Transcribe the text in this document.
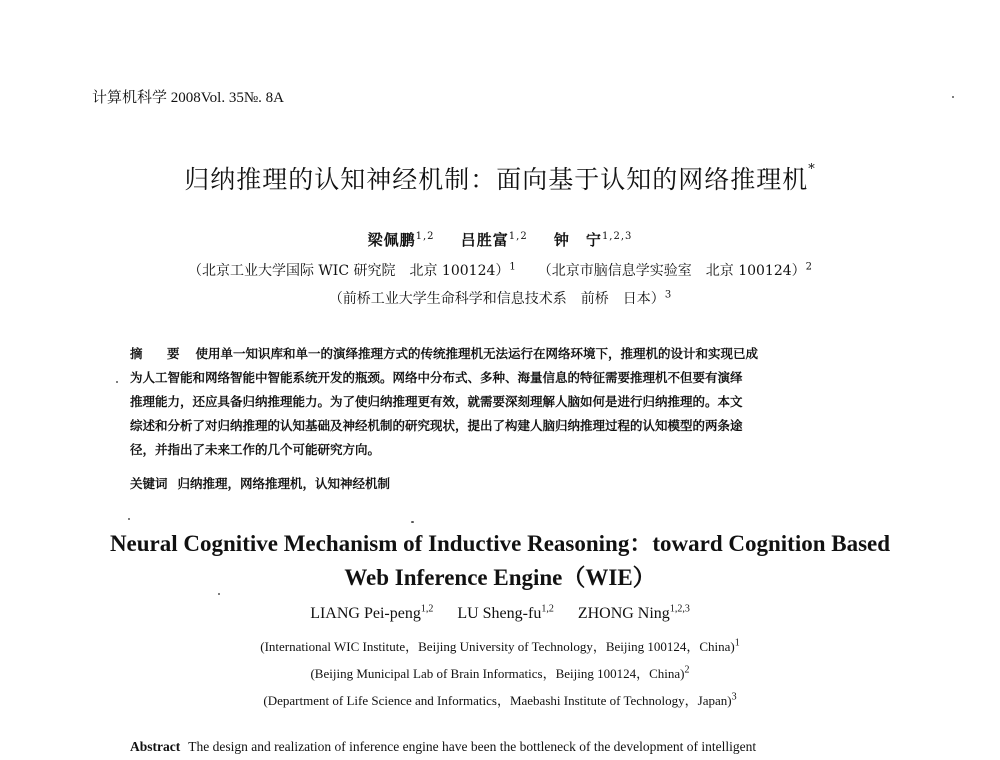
计算机科学 2008Vol. 35№. 8A
归纳推理的认知神经机制：面向基于认知的网络推理机*
梁佩鹏$^{1,2}$ 吕胜富$^{1,2}$ 钟　宁$^{1,2,3}$
（北京工业大学国际 WIC 研究院　北京 100124）$^1$ （北京市脑信息学实验室　北京 100124）$^2$
（前桥工业大学生命科学和信息技术系　前桥　日本）$^3$
摘　要 使用单一知识库和单一的演绎推理方式的传统推理机无法运行在网络环境下，推理机的设计和实现已成
为人工智能和网络智能中智能系统开发的瓶颈。网络中分布式、多种、海量信息的特征需要推理机不但要有演绎
推理能力，还应具备归纳推理能力。为了使归纳推理更有效，就需要深刻理解人脑如何是进行归纳推理的。本文
综述和分析了对归纳推理的认知基础及神经机制的研究现状，提出了构建人脑归纳推理过程的认知模型的两条途
径，并指出了未来工作的几个可能研究方向。
关键词 归纳推理，网络推理机，认知神经机制
Neural Cognitive Mechanism of Inductive Reasoning：toward Cognition Based
Web Inference Engine（WIE）
LIANG Pei-peng$^{1,2}$ LU Sheng-fu$^{1,2}$ ZHONG Ning$^{1,2,3}$
(International WIC Institute，Beijing University of Technology，Beijing 100124，China)$^1$
(Beijing Municipal Lab of Brain Informatics，Beijing 100124，China)$^2$
(Department of Life Science and Informatics，Maebashi Institute of Technology，Japan)$^3$
Abstract The design and realization of inference engine have been the bottleneck of the development of intelligent
